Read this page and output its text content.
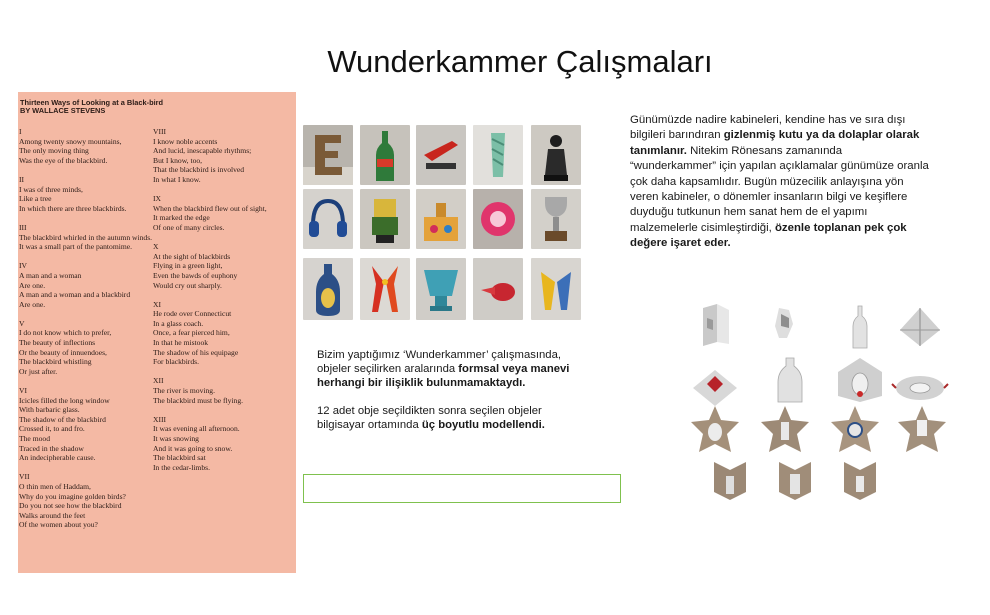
Wunderkammer Çalışmaları
Thirteen Ways of Looking at a Black-bird
BY WALLACE STEVENS
I
Among twenty snowy mountains,
The only moving thing
Was the eye of the blackbird.
II
I was of three minds,
Like a tree
In which there are three blackbirds.
III
The blackbird whirled in the autumn winds.
It was a small part of the pantomime.
IV
A man and a woman
Are one.
A man and a woman and a blackbird
Are one.
V
I do not know which to prefer,
The beauty of inflections
Or the beauty of innuendoes,
The blackbird whistling
Or just after.
VI
Icicles filled the long window
With barbaric glass.
The shadow of the blackbird
Crossed it, to and fro.
The mood
Traced in the shadow
An indecipherable cause.
VII
O thin men of Haddam,
Why do you imagine golden birds?
Do you not see how the blackbird
Walks around the feet
Of the women about you?
VIII
I know noble accents
And lucid, inescapable rhythms;
But I know, too,
That the blackbird is involved
In what I know.
IX
When the blackbird flew out of sight,
It marked the edge
Of one of many circles.
X
At the sight of blackbirds
Flying in a green light,
Even the bawds of euphony
Would cry out sharply.
XI
He rode over Connecticut
In a glass coach.
Once, a fear pierced him,
In that he mistook
The shadow of his equipage
For blackbirds.
XII
The river is moving.
The blackbird must be flying.
XIII
It was evening all afternoon.
It was snowing
And it was going to snow.
The blackbird sat
In the cedar-limbs.

Bizim yaptığımız ‘Wunderkammer’ çalışmasında, objeler seçilirken aralarında formsal veya manevi herhangi bir ilişiklik bulunmamaktaydı.

12 adet obje seçildikten sonra seçilen objeler bilgisayar ortamında üç boyutlu modellendi.

Günümüzde nadire kabineleri, kendine has ve sıra dışı bilgileri barındıran gizlenmiş kutu ya da dolaplar olarak tanımlanır. Nitekim Rönesans zamanında “wunderkammer” için yapılan açıklamalar günümüze oranla çok daha kapsamlıdır. Bugün müzecilik anlayışına yön veren kabineler, o dönemler insanların bilgi ve keşiflere duyduğu tutkunun hem sanat hem de el yapımı malzemelerle cisimleştirdiği, özenle toplanan pek çok değere işaret eder.
